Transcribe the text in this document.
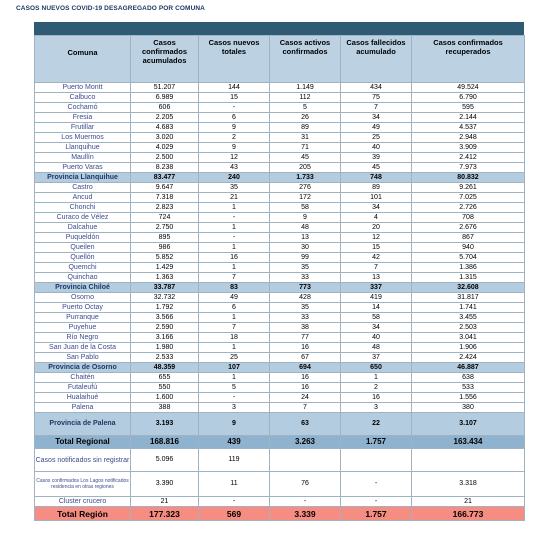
CASOS NUEVOS COVID-19 DESAGREGADO POR COMUNA
Comuna	Casos confirmados acumulados	Casos nuevos totales	Casos activos confirmados	Casos fallecidos acumulado	Casos confirmados recuperados
Puerto Montt	51.207	144	1.149	434	49.524
Calbuco	6.989	15	112	75	6.790
Cochamó	606	-	5	7	595
Fresia	2.205	6	26	34	2.144
Frutillar	4.683	9	89	49	4.537
Los Muermos	3.020	2	31	25	2.948
Llanquihue	4.029	9	71	40	3.909
Maullín	2.500	12	45	39	2.412
Puerto Varas	8.238	43	205	45	7.973
Provincia Llanquihue	83.477	240	1.733	748	80.832
Castro	9.647	35	276	89	9.261
Ancud	7.318	21	172	101	7.025
Chonchi	2.823	1	58	34	2.726
Curaco de Vélez	724	-	9	4	708
Dalcahue	2.750	1	48	20	2.676
Puqueldón	895	-	13	12	867
Queilen	986	1	30	15	940
Quellón	5.852	16	99	42	5.704
Quemchi	1.429	1	35	7	1.386
Quinchao	1.363	7	33	13	1.315
Provincia Chiloé	33.787	83	773	337	32.608
Osorno	32.732	49	428	419	31.817
Puerto Octay	1.792	6	35	14	1.741
Purranque	3.566	1	33	58	3.455
Puyehue	2.590	7	38	34	2.503
Río Negro	3.166	18	77	40	3.041
San Juan de la Costa	1.980	1	16	48	1.906
San Pablo	2.533	25	67	37	2.424
Provincia de Osorno	48.359	107	694	650	46.887
Chaitén	655	1	16	1	638
Futaleufú	550	5	16	2	533
Hualaihué	1.600	-	24	16	1.556
Palena	388	3	7	3	380
Provincia de Palena	3.193	9	63	22	3.107
Total Regional	168.816	439	3.263	1.757	163.434
Casos notificados sin registrar	5.096	119			
Casos confirmados Los Lagos notificados residencia en otras regiones	3.390	11	76	-	3.318
Cluster crucero	21	-	-	-	21
Total Región	177.323	569	3.339	1.757	166.773
